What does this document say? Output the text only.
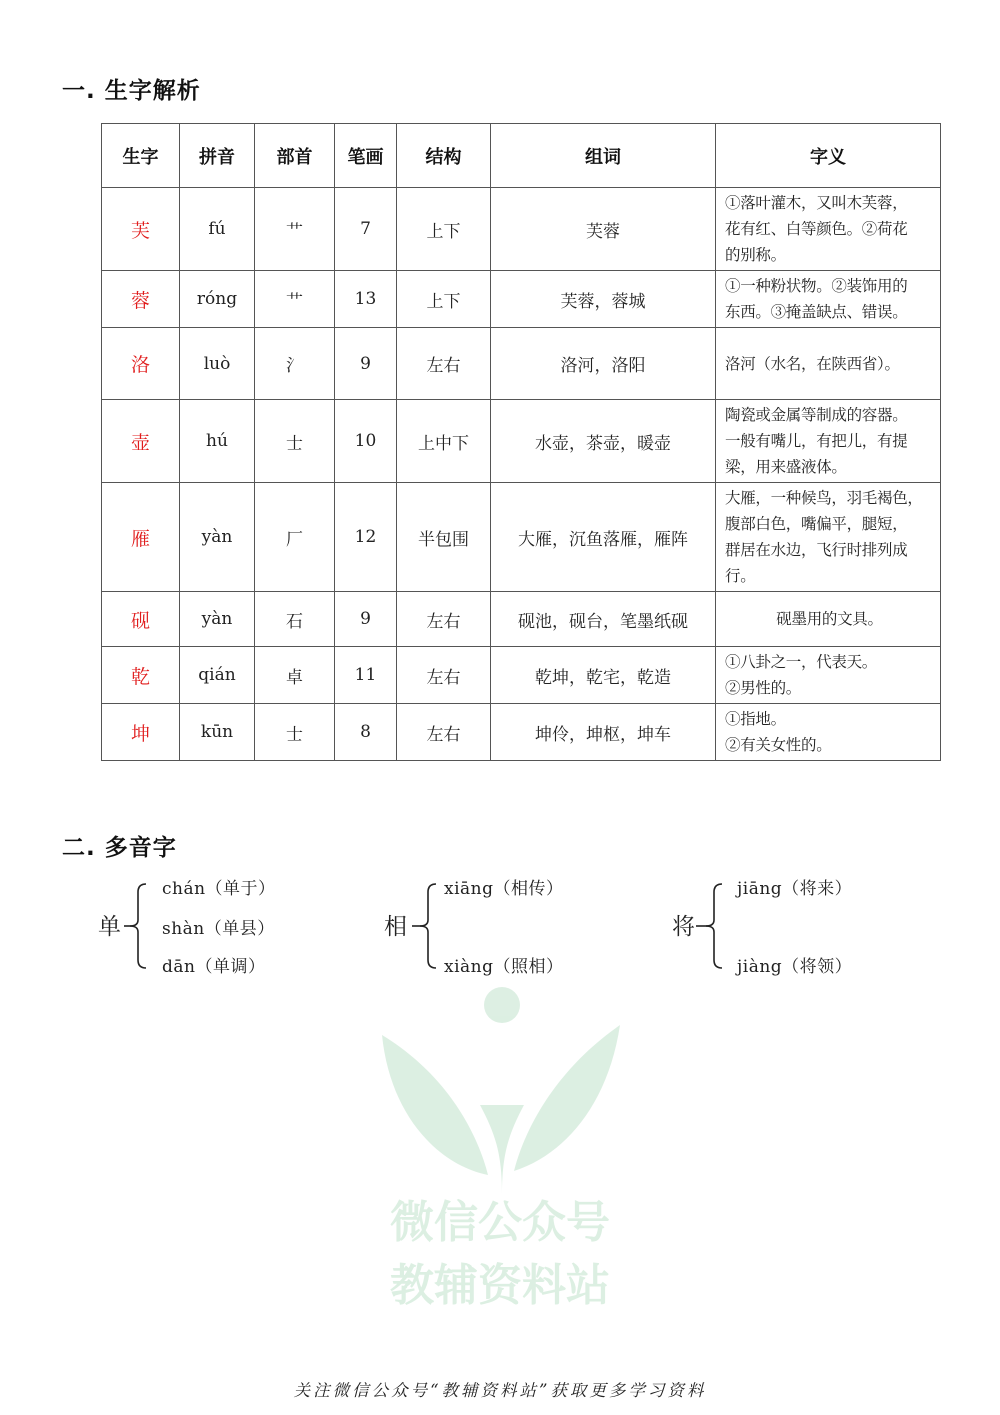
一. 生字解析
生字	拼音	部首	笔画	结构	组词	字义
芙	fú	艹	7	上下	芙蓉	①落叶灌木，又叫木芙蓉，
花有红、白等颜色。②荷花
的别称。

蓉	róng	艹	13	上下	芙蓉，蓉城	①一种粉状物。②装饰用的
东西。③掩盖缺点、错误。

洛	luò	氵	9	左右	洛河，洛阳	洛河（水名，在陕西省）。

壶	hú	士	10	上中下	水壶，茶壶，暖壶	陶瓷或金属等制成的容器。
一般有嘴儿，有把儿，有提
梁，用来盛液体。

雁	yàn	厂	12	半包围	大雁，沉鱼落雁，雁阵	大雁，一种候鸟，羽毛褐色，
腹部白色，嘴偏平，腿短，
群居在水边，飞行时排列成
行。

砚	yàn	石	9	左右	砚池，砚台，笔墨纸砚	砚墨用的文具。

乾	qián	卓	11	左右	乾坤，乾宅，乾造	①八卦之一，代表天。
②男性的。

坤	kūn	士	8	左右	坤伶，坤枢，坤车	①指地。
②有关女性的。
二. 多音字
单
chán（单于）
shàn（单县）
dān（单调）
相
xiāng（相传）
xiàng（照相）
将
jiāng（将来）
jiàng（将领）
微信公众号
教辅资料站
关注微信公众号“教辅资料站”获取更多学习资料
